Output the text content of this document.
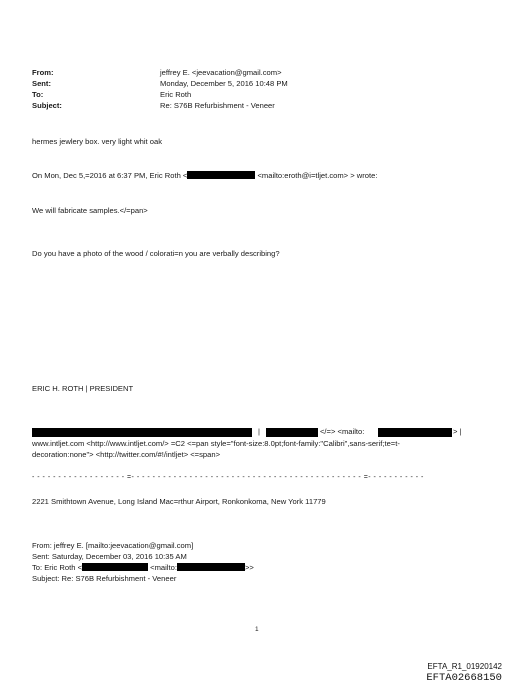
From:	jeffrey E. <jeevacation@gmail.com>
Sent:	Monday, December 5, 2016 10:48 PM
To:	Eric Roth
Subject:	Re: S76B Refurbishment - Veneer
hermes jewlery box. very light whit oak
On Mon, Dec 5,=2016 at 6:37 PM, Eric Roth <	<mailto:eroth@i=tljet.com> > wrote:
We will fabricate samples.</=pan>
Do you have a photo of the wood / colorati=n you are verbally describing?
ERIC H. ROTH | PRESIDENT
|	</=> <mailto:	> |
www.intljet.com <http://www.intljet.com/> =C2 <=pan style="font-size:8.0pt;font-family:"Calibri",sans-serif;te=t-
decoration:none"> <http://twitter.com/#!/intljet> <=span>
- - - - - - - - - - - - - - - - - - =- - - - - - - - - - - - - - - - - - - - - - - - - - - - - - - - - - - - - - - - - - - - =- - - - - - - - - - -
2221 Smithtown Avenue, Long Island Mac=rthur Airport, Ronkonkoma, New York 11779
From: jeffrey E. [mailto:jeevacation@gmail.com]
Sent: Saturday, December 03, 2016 10:35 AM
To: Eric Roth <	<mailto:	>>
Subject: Re: S76B Refurbishment - Veneer
1
EFTA_R1_01920142
EFTA02668150
